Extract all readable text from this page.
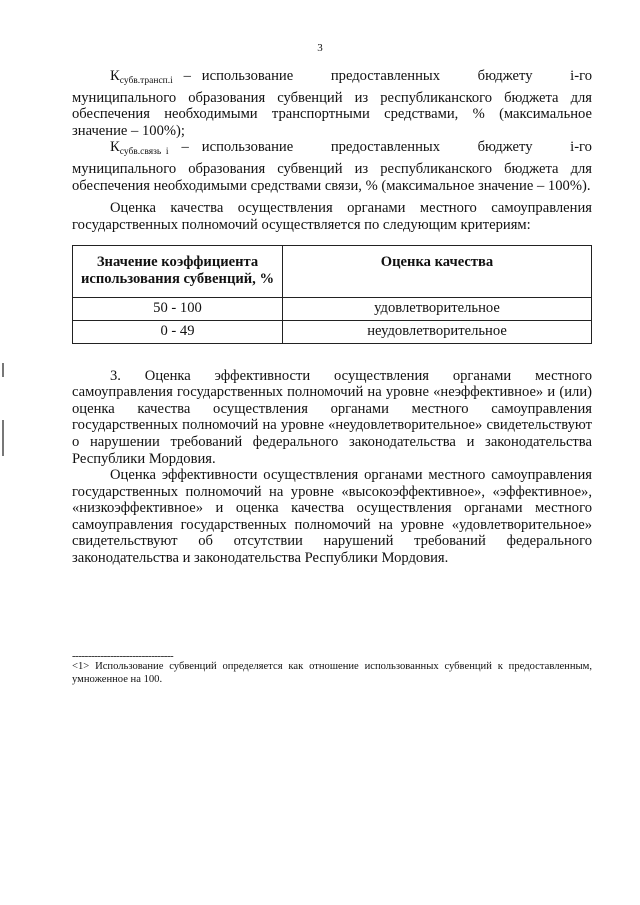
3
$К_{субв.трансп.i}$ – использование предоставленных бюджету i-го

муниципального образования субвенций из республиканского бюджета для обеспечения необходимыми транспортными средствами, % (максимальное значение – 100%);

$К_{субв.связь i}$ – использование предоставленных бюджету i-го

муниципального образования субвенций из республиканского бюджета для обеспечения необходимыми средствами связи, % (максимальное значение – 100%).

Оценка качества осуществления органами местного самоуправления государственных полномочий осуществляется по следующим критериям:

Значение коэффициента использования субвенций, %	Оценка качества
50 - 100	удовлетворительное
0 - 49	неудовлетворительное

3. Оценка эффективности осуществления органами местного самоуправления государственных полномочий на уровне «неэффективное» и (или) оценка качества осуществления органами местного самоуправления государственных полномочий на уровне «неудовлетворительное» свидетельствуют о нарушении требований федерального законодательства и законодательства Республики Мордовия.

Оценка эффективности осуществления органами местного самоуправления государственных полномочий на уровне «высокоэффективное», «эффективное», «низкоэффективное» и оценка качества осуществления органами местного самоуправления государственных полномочий на уровне «удовлетворительное» свидетельствуют об отсутствии нарушений требований федерального законодательства и законодательства Республики Мордовия.

--------------------------------
<1> Использование субвенций определяется как отношение использованных субвенций к предоставленным, умноженное на 100.
